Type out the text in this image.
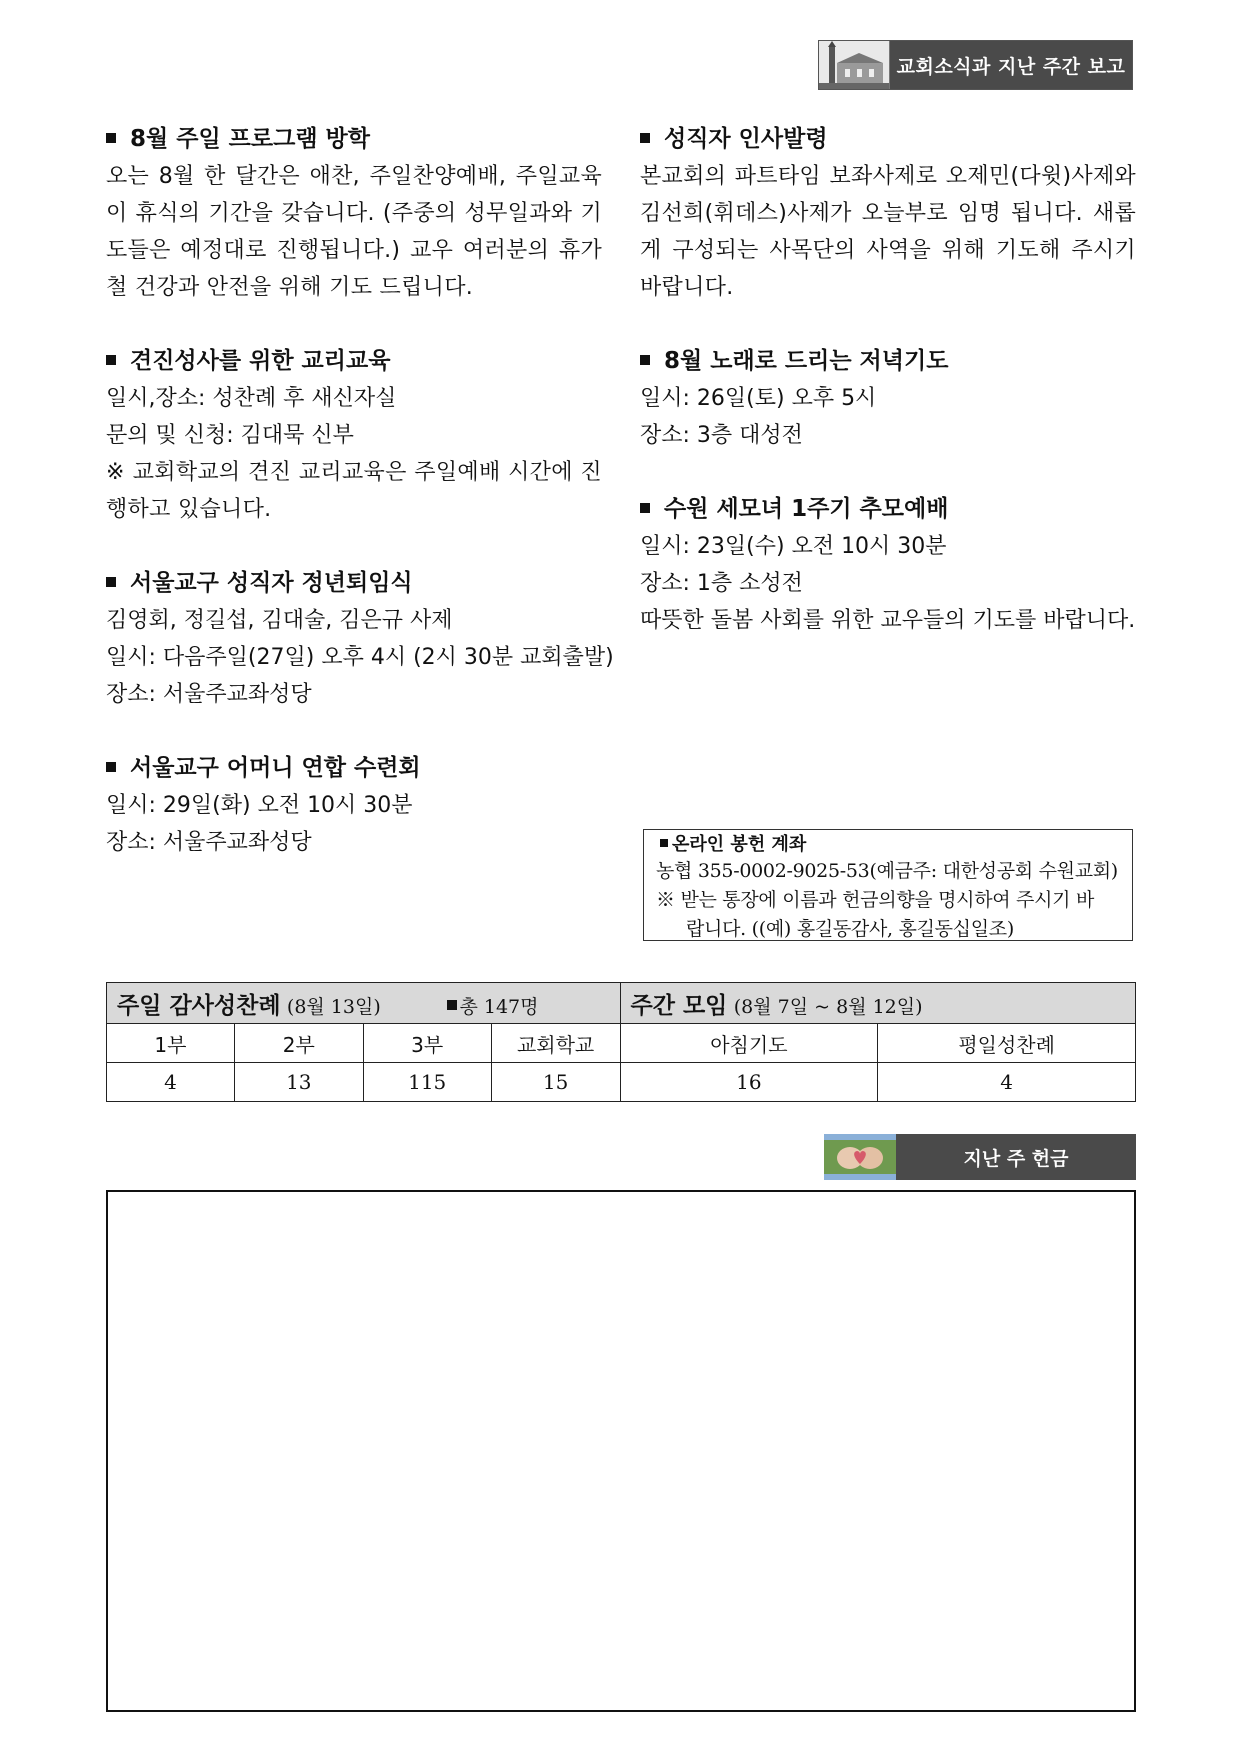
교회소식과 지난 주간 보고

8월 주일 프로그램 방학

오는 8월 한 달간은 애찬, 주일찬양예배, 주일교육이 휴식의 기간을 갖습니다. (주중의 성무일과와 기도들은 예정대로 진행됩니다.) 교우 여러분의 휴가철 건강과 안전을 위해 기도 드립니다.

견진성사를 위한 교리교육

일시,장소: 성찬례 후 새신자실

문의 및 신청: 김대묵 신부

※ 교회학교의 견진 교리교육은 주일예배 시간에 진행하고 있습니다.

서울교구 성직자 정년퇴임식

김영회, 정길섭, 김대술, 김은규 사제

일시: 다음주일(27일) 오후 4시 (2시 30분 교회출발)

장소: 서울주교좌성당

서울교구 어머니 연합 수련회

일시: 29일(화) 오전 10시 30분

장소: 서울주교좌성당

성직자 인사발령

본교회의 파트타임 보좌사제로 오제민(다윗)사제와 김선희(휘데스)사제가 오늘부로 임명 됩니다. 새롭게 구성되는 사목단의 사역을 위해 기도해 주시기 바랍니다.

8월 노래로 드리는 저녁기도

일시: 26일(토) 오후 5시

장소: 3층 대성전

수원 세모녀 1주기 추모예배

일시: 23일(수) 오전 10시 30분

장소: 1층 소성전

따뜻한 돌봄 사회를 위한 교우들의 기도를 바랍니다.

온라인 봉헌 계좌
농협 355-0002-9025-53(예금주: 대한성공회 수원교회)
※ 받는 통장에 이름과 헌금의향을 명시하여 주시기 바
랍니다. ((예) 홍길동감사, 홍길동십일조)
주일 감사성찬례 (8월 13일) 총 147명				주간 모임 (8월 7일 ~ 8월 12일)	
1부	2부	3부	교회학교	아침기도	평일성찬례
4	13	115	15	16	4
지난 주 헌금
